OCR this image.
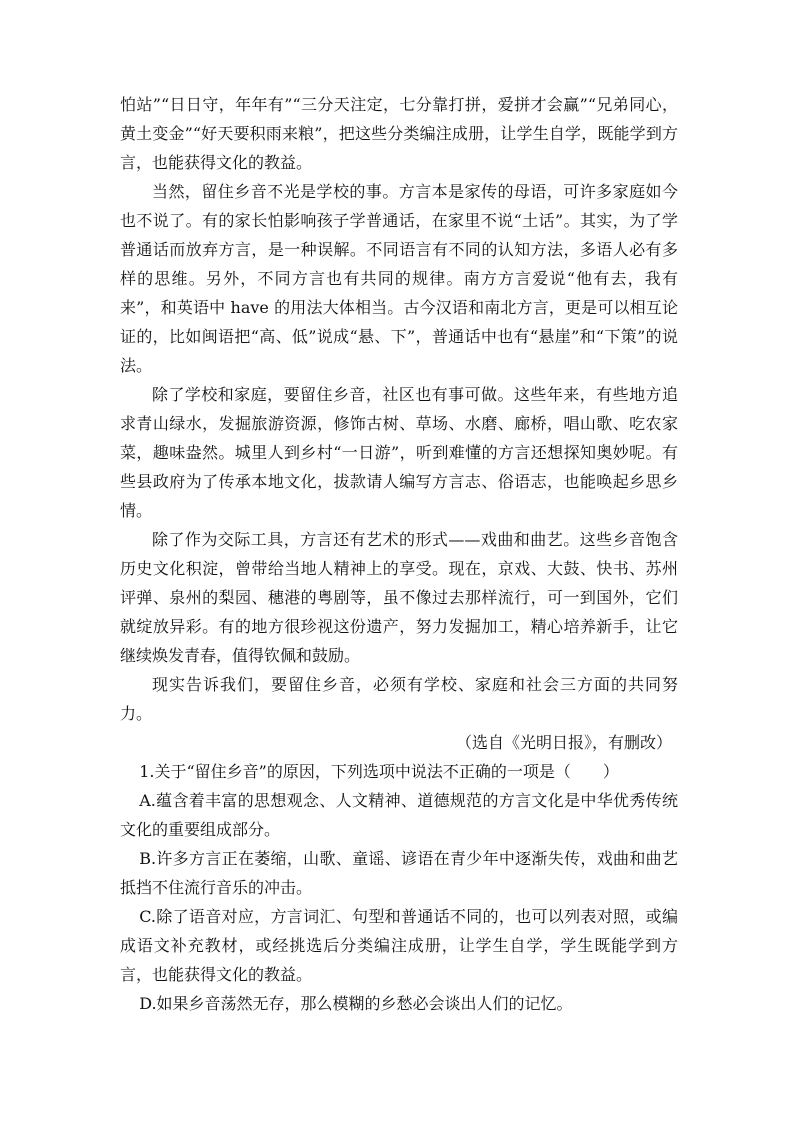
怕站”“日日守，年年有”“三分天注定，七分靠打拼，爱拼才会赢”“兄弟同心，黄土变金”“好天要积雨来粮”，把这些分类编注成册，让学生自学，既能学到方言，也能获得文化的教益。

当然，留住乡音不光是学校的事。方言本是家传的母语，可许多家庭如今也不说了。有的家长怕影响孩子学普通话，在家里不说“土话”。其实，为了学普通话而放弃方言，是一种误解。不同语言有不同的认知方法，多语人必有多样的思维。另外，不同方言也有共同的规律。南方方言爱说“他有去，我有来”，和英语中 have 的用法大体相当。古今汉语和南北方言，更是可以相互论证的，比如闽语把“高、低”说成“悬、下”，普通话中也有“悬崖”和“下策”的说法。

除了学校和家庭，要留住乡音，社区也有事可做。这些年来，有些地方追求青山绿水，发掘旅游资源，修饰古树、草场、水磨、廊桥，唱山歌、吃农家菜，趣味盎然。城里人到乡村“一日游”，听到难懂的方言还想探知奥妙呢。有些县政府为了传承本地文化，拔款请人编写方言志、俗语志，也能唤起乡思乡情。

除了作为交际工具，方言还有艺术的形式——戏曲和曲艺。这些乡音饱含历史文化积淀，曾带给当地人精神上的享受。现在，京戏、大鼓、快书、苏州评弹、泉州的梨园、穗港的粤剧等，虽不像过去那样流行，可一到国外，它们就绽放异彩。有的地方很珍视这份遗产，努力发掘加工，精心培养新手，让它继续焕发青春，值得钦佩和鼓励。

现实告诉我们，要留住乡音，必须有学校、家庭和社会三方面的共同努力。

（选自《光明日报》，有删改）

1.关于“留住乡音”的原因，下列选项中说法不正确的一项是（　　）

A.蕴含着丰富的思想观念、人文精神、道德规范的方言文化是中华优秀传统文化的重要组成部分。

B.许多方言正在萎缩，山歌、童谣、谚语在青少年中逐渐失传，戏曲和曲艺抵挡不住流行音乐的冲击。

C.除了语音对应，方言词汇、句型和普通话不同的，也可以列表对照，或编成语文补充教材，或经挑选后分类编注成册，让学生自学，学生既能学到方言，也能获得文化的教益。

D.如果乡音荡然无存，那么模糊的乡愁必会谈出人们的记忆。
